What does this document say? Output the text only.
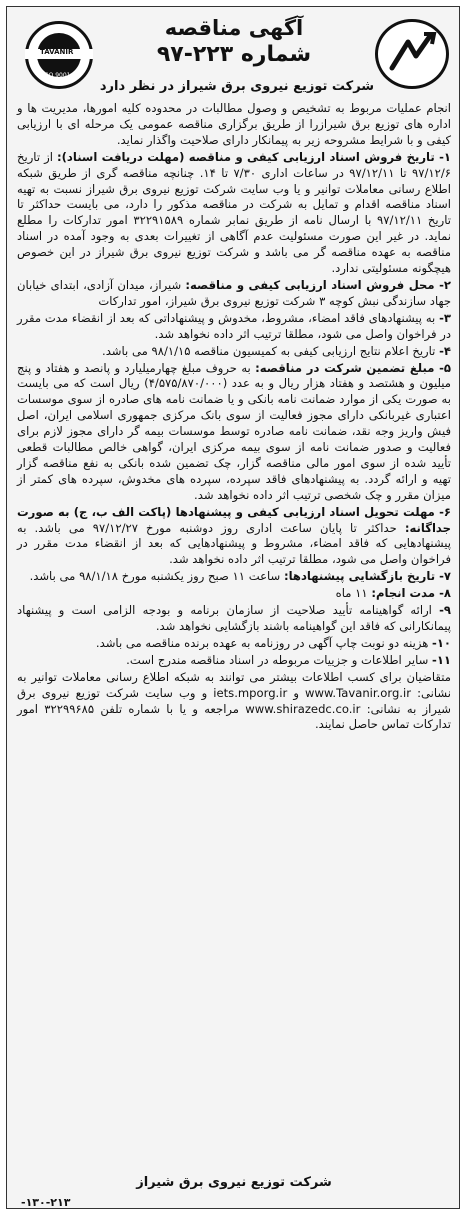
TAVANIR
ISO 9001
آگهی مناقصه
شماره ۲۲۳-۹۷
شرکت توزیع نیروی برق شیراز در نظر دارد

انجام عملیات مربوط به تشخیص و وصول مطالبات در محدوده کلیه امورها، مدیریت ها و اداره های توزیع برق شیرازرا از طریق برگزاری مناقصه عمومی یک مرحله ای با ارزیابی کیفی و با شرایط مشروحه زیر به پیمانکار دارای صلاحیت واگذار نماید.

۱- تاریخ فروش اسناد ارزیابی کیفی و مناقصه (مهلت دریافت اسناد): از تاریخ ۹۷/۱۲/۶ تا ۹۷/۱۲/۱۱ در ساعات اداری ۷/۳۰ تا ۱۴. چنانچه مناقصه گری از طریق شبکه اطلاع رسانی معاملات توانیر و یا وب سایت شرکت توزیع نیروی برق شیراز نسبت به تهیه اسناد مناقصه اقدام و تمایل به شرکت در مناقصه مذکور را دارد، می بایست حداکثر تا تاریخ ۹۷/۱۲/۱۱ با ارسال نامه از طریق نمابر شماره ۳۲۲۹۱۵۸۹ امور تدارکات را مطلع نماید. در غیر این صورت مسئولیت عدم آگاهی از تغییرات بعدی به وجود آمده در اسناد مناقصه به عهده مناقصه گر می باشد و شرکت توزیع نیروی برق شیراز در این خصوص هیچگونه مسئولیتی ندارد.

۲- محل فروش اسناد ارزیابی کیفی و مناقصه: شیراز، میدان آزادی، ابتدای خیابان جهاد سازندگی نبش کوچه ۳ شرکت توزیع نیروی برق شیراز، امور تدارکات

۳- به پیشنهادهای فاقد امضاء، مشروط، مخدوش و پیشنهاداتی که بعد از انقضاء مدت مقرر در فراخوان واصل می شود، مطلقا ترتیب اثر داده نخواهد شد.

۴- تاریخ اعلام نتایج ارزیابی کیفی به کمیسیون مناقصه ۹۸/۱/۱۵ می باشد.

۵- مبلغ تضمین شرکت در مناقصه: به حروف مبلغ چهارمیلیارد و پانصد و هفتاد و پنج میلیون و هشتصد و هفتاد هزار ریال و به عدد (۴/۵۷۵/۸۷۰/۰۰۰) ریال است که می بایست به صورت یکی از موارد ضمانت نامه بانکی و یا ضمانت نامه های صادره از سوی موسسات اعتباری غیربانکی دارای مجوز فعالیت از سوی بانک مرکزی جمهوری اسلامی ایران، اصل فیش واریز وجه نقد، ضمانت نامه صادره توسط موسسات بیمه گر دارای مجوز لازم برای فعالیت و صدور ضمانت نامه از سوی بیمه مرکزی ایران، گواهی خالص مطالبات قطعی تأیید شده از سوی امور مالی مناقصه گزار، چک تضمین شده بانکی به نفع مناقصه گزار تهیه و ارائه گردد. به پیشنهادهای فاقد سپرده، سپرده های مخدوش، سپرده های کمتر از میزان مقرر و چک شخصی ترتیب اثر داده نخواهد شد.

۶- مهلت تحویل اسناد ارزیابی کیفی و پیشنهادها (پاکت الف ب، ج) به صورت جداگانه: حداکثر تا پایان ساعت اداری روز دوشنبه مورخ ۹۷/۱۲/۲۷ می باشد. به پیشنهادهایی که فاقد امضاء، مشروط و پیشنهادهایی که بعد از انقضاء مدت مقرر در فراخوان واصل می شود، مطلقا ترتیب اثر داده نخواهد شد.

۷- تاریخ بازگشایی پیشنهادها: ساعت ۱۱ صبح روز یکشنبه مورخ ۹۸/۱/۱۸ می باشد.

۸- مدت انجام: ۱۱ ماه

۹- ارائه گواهینامه تأیید صلاحیت از سازمان برنامه و بودجه الزامی است و پیشنهاد پیمانکارانی که فاقد این گواهینامه باشند بازگشایی نخواهد شد.

۱۰- هزینه دو نوبت چاپ آگهی در روزنامه به عهده برنده مناقصه می باشد.

۱۱- سایر اطلاعات و جزییات مربوطه در اسناد مناقصه مندرج است.

متقاضیان برای کسب اطلاعات بیشتر می توانند به شبکه اطلاع رسانی معاملات توانیر به نشانی: www.Tavanir.org.ir و iets.mporg.ir و وب سایت شرکت توزیع نیروی برق شیراز به نشانی: www.shirazedc.co.ir مراجعه و یا با شماره تلفن ۳۲۲۹۹۶۸۵ امور تدارکات تماس حاصل نمایند.

شرکت توزیع نیروی برق شیراز
-۱۳۰-۲۱۳
